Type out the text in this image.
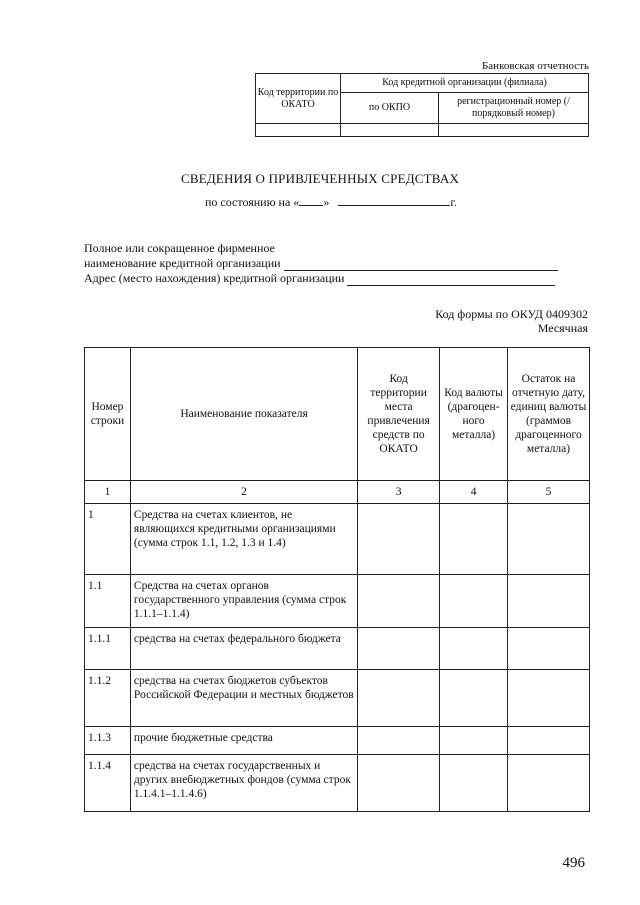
Банковская отчетность
Код территории по ОКАТО	Код кредитной организации (филиала)	
	по ОКПО	регистрационный номер (/порядковый номер)

СВЕДЕНИЯ О ПРИВЛЕЧЕННЫХ СРЕДСТВАХ
по состоянию на « »	г.
Полное или сокращенное фирменное
наименование кредитной организации
Адрес (место нахождения) кредитной организации
Код формы по ОКУД 0409302
Месячная
Номер строки	Наименование показателя	Код территории места привлечения средств по ОКАТО	Код валюты (драгоцен-ного металла)	Остаток на отчетную дату, единиц валюты (граммов драгоценного металла)
1	2	3	4	5
1	Средства на счетах клиентов, не являющихся кредитными организациями (сумма строк 1.1, 1.2, 1.3 и 1.4)			
1.1	Средства на счетах органов государственного управления (сумма строк 1.1.1–1.1.4)			
1.1.1	средства на счетах федерального бюджета			
1.1.2	средства на счетах бюджетов субъектов Российской Федерации и местных бюджетов			
1.1.3	прочие бюджетные средства			
1.1.4	средства на счетах государственных и других внебюджетных фондов (сумма строк 1.1.4.1–1.1.4.6)			
496
